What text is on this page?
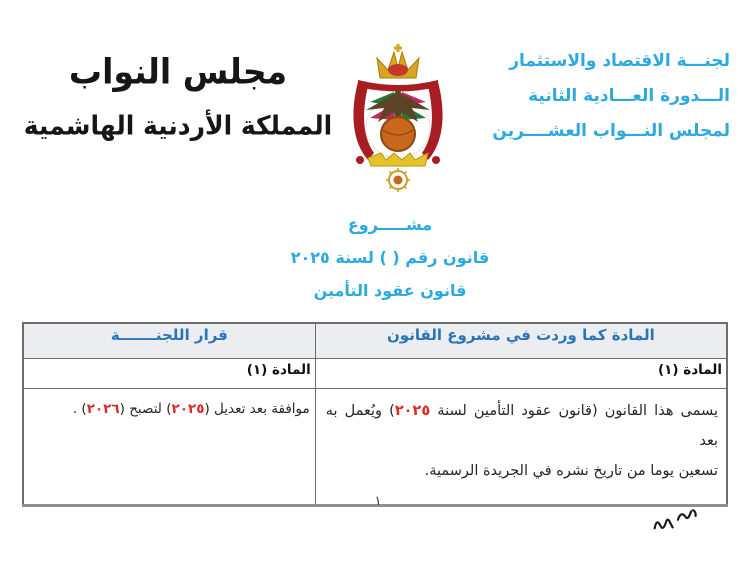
مجلس النواب
المملكة الأردنية الهاشمية
لجنـــة الاقتصاد والاستثمار
الـــدورة العـــادية الثانية
لمجلس النـــواب العشــــرين
مشـــــروع
قانون رقم ( ) لسنة ٢٠٢٥
قانون عقود التأمين
المادة كما وردت في مشروع القانون	قرار اللجنـــــــة
المادة (١)	المادة (١)
يسمى هذا القانون (قانون عقود التأمين لسنة ٢٠٢٥) ويُعمل به بعد
تسعين يوما من تاريخ نشره في الجريدة الرسمية.	موافقة بعد تعديل (٢٠٢٥) لتصبح (٢٠٢٦) .
١
